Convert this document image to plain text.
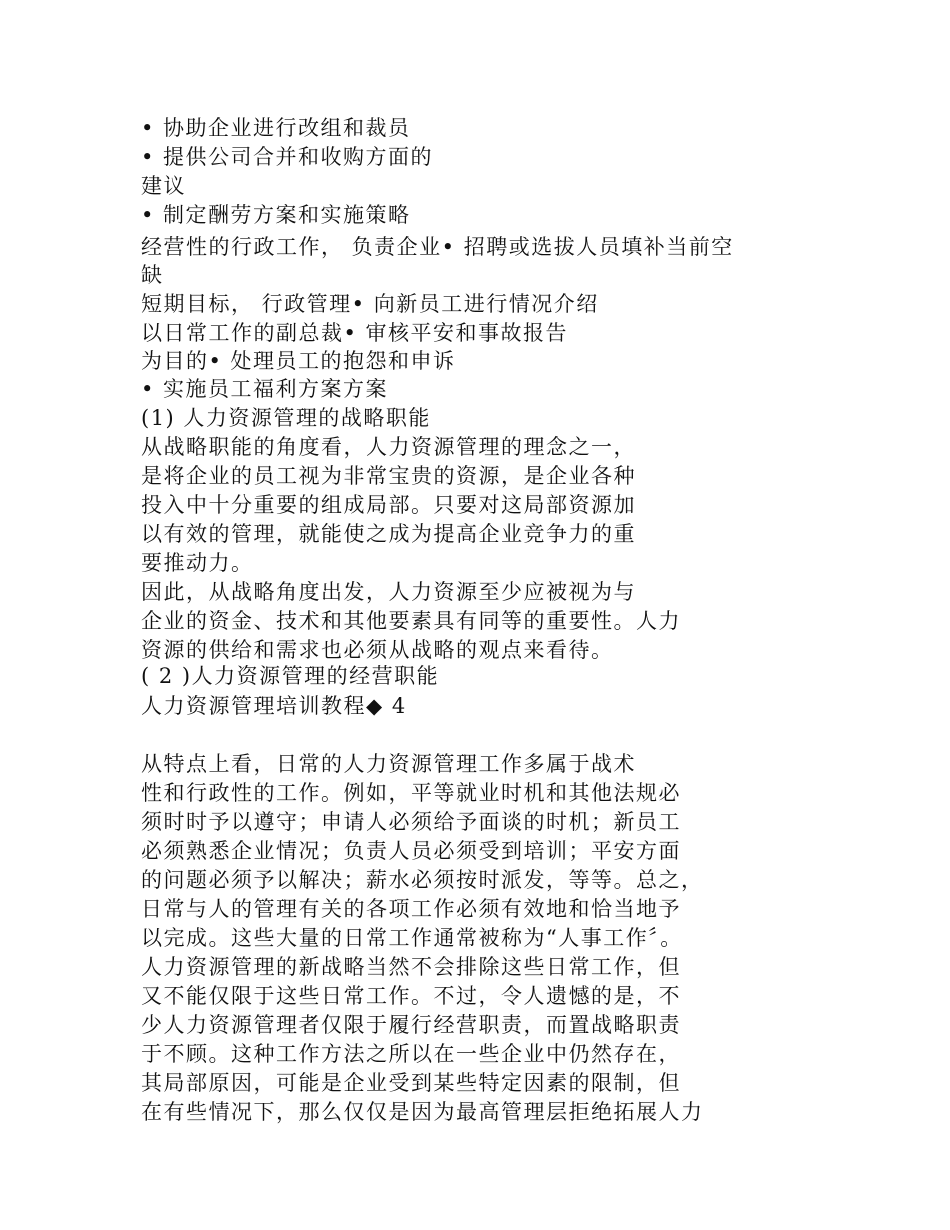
• 协助企业进行改组和裁员
• 提供公司合并和收购方面的
建议
• 制定酬劳方案和实施策略
经营性的行政工作， 负责企业• 招聘或选拔人员填补当前空
缺
短期目标， 行政管理• 向新员工进行情况介绍
以日常工作的副总裁• 审核平安和事故报告
为目的• 处理员工的抱怨和申诉
• 实施员工福利方案方案
(1) 人力资源管理的战略职能
从战略职能的角度看，人力资源管理的理念之一，
是将企业的员工视为非常宝贵的资源，是企业各种
投入中十分重要的组成局部。只要对这局部资源加
以有效的管理，就能使之成为提高企业竞争力的重
要推动力。
因此，从战略角度出发，人力资源至少应被视为与
企业的资金、技术和其他要素具有同等的重要性。人力
资源的供给和需求也必须从战略的观点来看待。
( 2 )人力资源管理的经营职能
人力资源管理培训教程◆ 4
从特点上看，日常的人力资源管理工作多属于战术
性和行政性的工作。例如，平等就业时机和其他法规必
须时时予以遵守；申请人必须给予面谈的时机；新员工
必须熟悉企业情况；负责人员必须受到培训；平安方面
的问题必须予以解决；薪水必须按时派发，等等。总之，
日常与人的管理有关的各项工作必须有效地和恰当地予
以完成。这些大量的日常工作通常被称为“人事工作〞。
人力资源管理的新战略当然不会排除这些日常工作，但
又不能仅限于这些日常工作。不过，令人遗憾的是，不
少人力资源管理者仅限于履行经营职责，而置战略职责
于不顾。这种工作方法之所以在一些企业中仍然存在，
其局部原因，可能是企业受到某些特定因素的限制，但
在有些情况下，那么仅仅是因为最高管理层拒绝拓展人力
